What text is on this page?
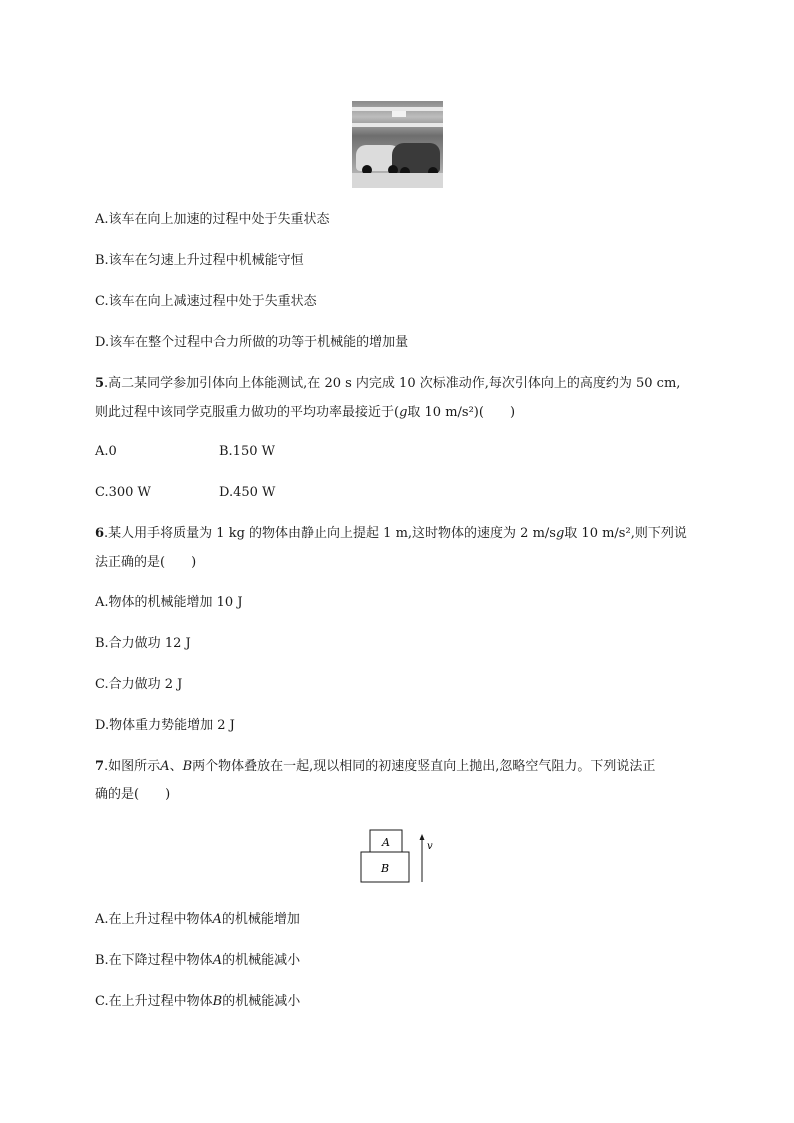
A.该车在向上加速的过程中处于失重状态
B.该车在匀速上升过程中机械能守恒
C.该车在向上减速过程中处于失重状态
D.该车在整个过程中合力所做的功等于机械能的增加量
5.高二某同学参加引体向上体能测试,在 20 s 内完成 10 次标准动作,每次引体向上的高度约为 50 cm,
则此过程中该同学克服重力做功的平均功率最接近于(g取 10 m/s²)(　　)
A.0	B.150 W
C.300 W	D.450 W
6.某人用手将质量为 1 kg 的物体由静止向上提起 1 m,这时物体的速度为 2 m/sg取 10 m/s²,则下列说
法正确的是(　　)
A.物体的机械能增加 10 J
B.合力做功 12 J
C.合力做功 2 J
D.物体重力势能增加 2 J
7.如图所示A、B两个物体叠放在一起,现以相同的初速度竖直向上抛出,忽略空气阻力。下列说法正
确的是(　　)
A
B
v
A.在上升过程中物体A的机械能增加
B.在下降过程中物体A的机械能减小
C.在上升过程中物体B的机械能减小
